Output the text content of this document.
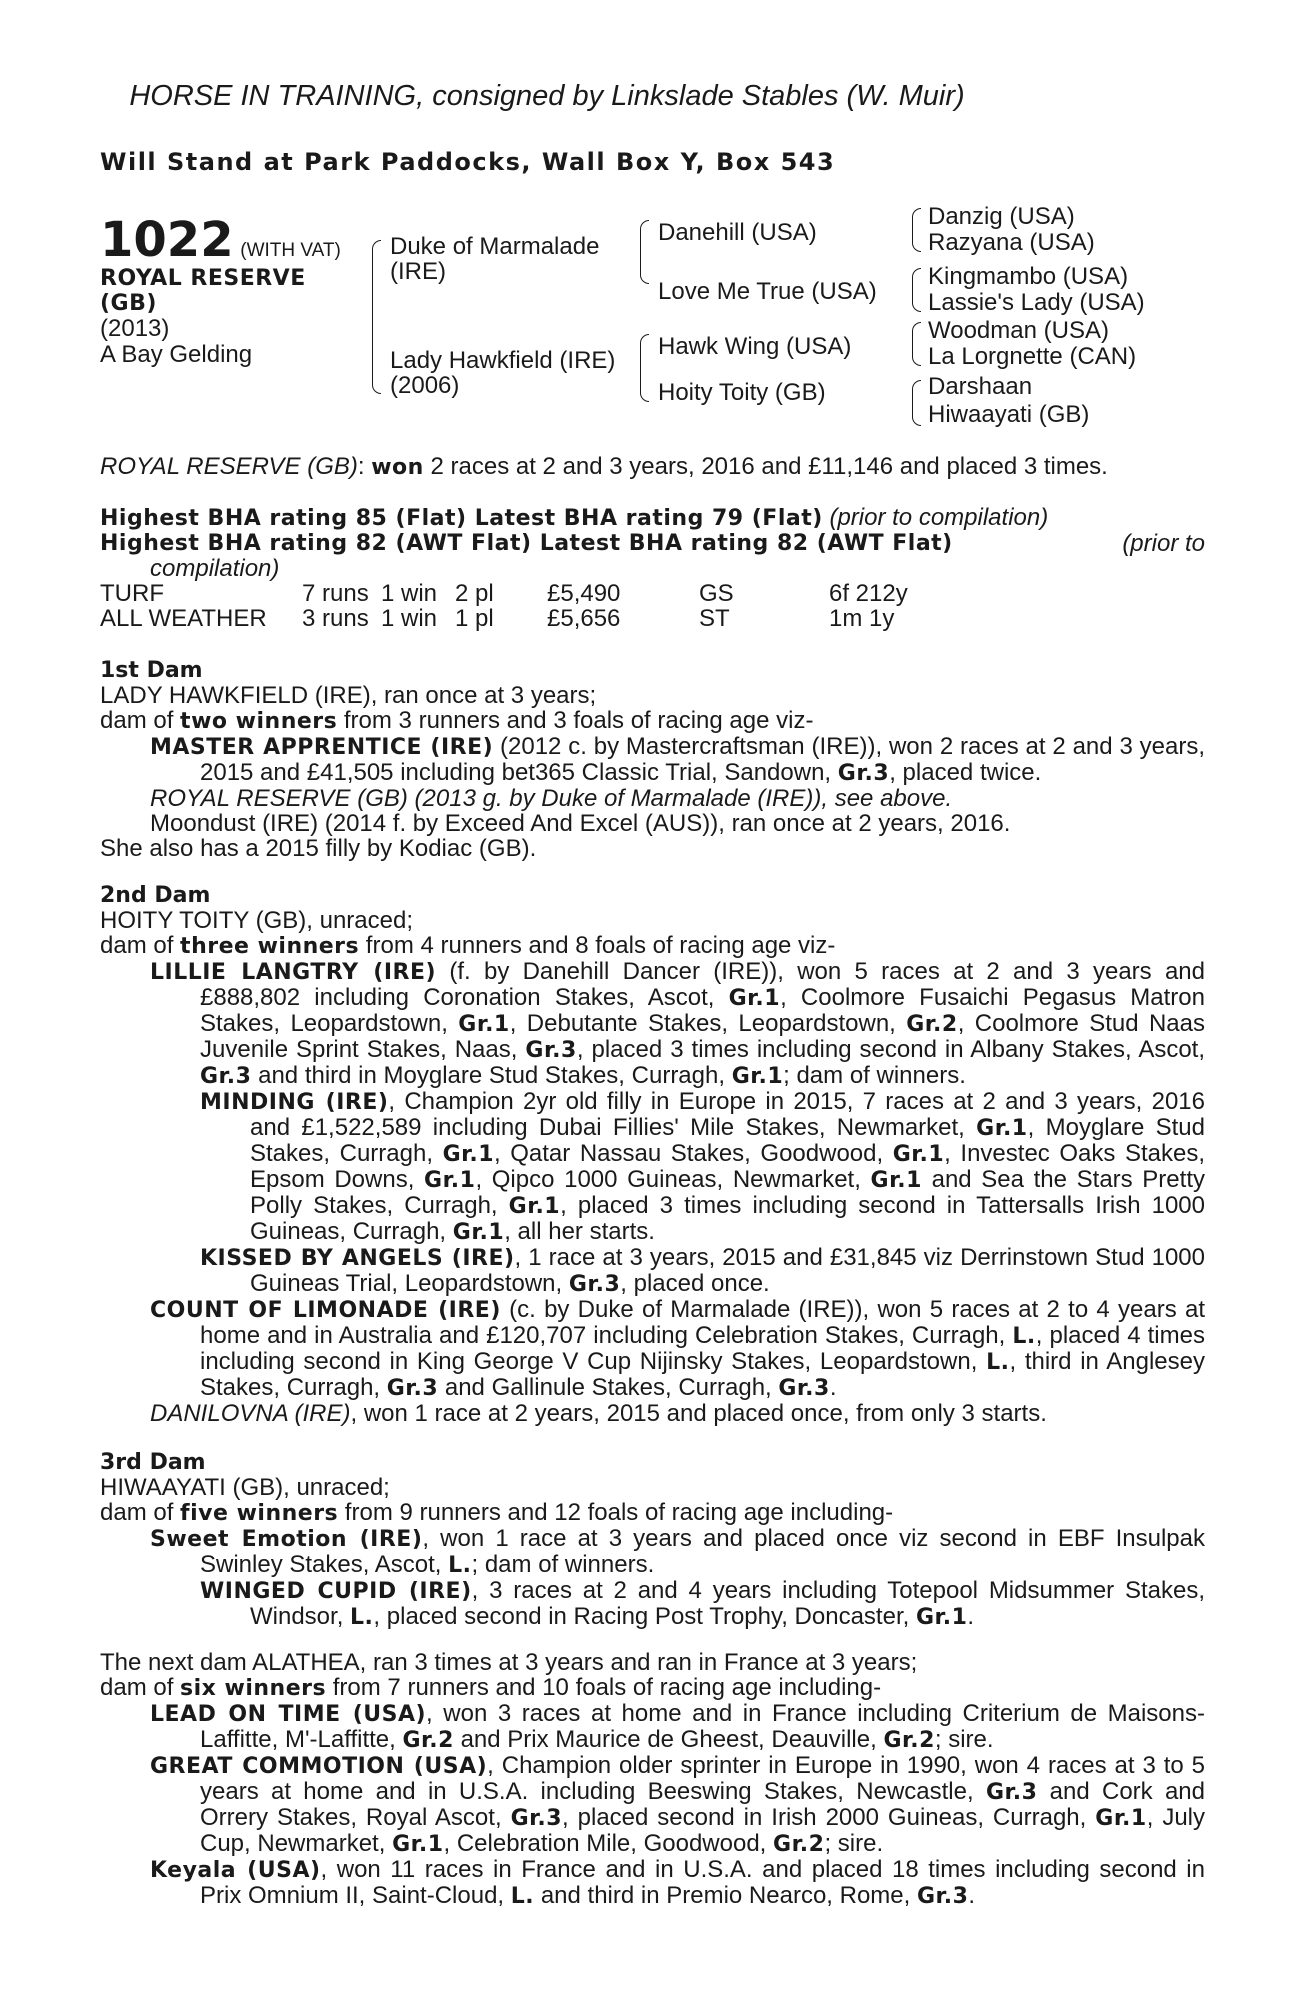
HORSE IN TRAINING, consigned by Linkslade Stables (W. Muir)
Will Stand at Park Paddocks, Wall Box Y, Box 543
1022 (WITH VAT)
ROYAL RESERVE (GB)
(2013)
A Bay Gelding
Duke of Marmalade (IRE)
Lady Hawkfield (IRE) (2006)
Danehill (USA)
Love Me True (USA)
Hawk Wing (USA)
Hoity Toity (GB)
Danzig (USA)
Razyana (USA)
Kingmambo (USA)
Lassie's Lady (USA)
Woodman (USA)
La Lorgnette (CAN)
Darshaan
Hiwaayati (GB)
ROYAL RESERVE (GB): won 2 races at 2 and 3 years, 2016 and £11,146 and placed 3 times.
Highest BHA rating 85 (Flat) Latest BHA rating 79 (Flat) (prior to compilation)
Highest BHA rating 82 (AWT Flat) Latest BHA rating 82 (AWT Flat)	(prior to
compilation)
TURF	7 runs 1 win 2 pl	£5,490	GS	6f 212y
ALL WEATHER	3 runs 1 win 1 pl	£5,656	ST	1m 1y
1st Dam
LADY HAWKFIELD (IRE), ran once at 3 years;
dam of two winners from 3 runners and 3 foals of racing age viz-
MASTER APPRENTICE (IRE) (2012 c. by Mastercraftsman (IRE)), won 2 races at 2 and 3 years, 2015 and £41,505 including bet365 Classic Trial, Sandown, Gr.3, placed twice.
ROYAL RESERVE (GB) (2013 g. by Duke of Marmalade (IRE)), see above.
Moondust (IRE) (2014 f. by Exceed And Excel (AUS)), ran once at 2 years, 2016.
She also has a 2015 filly by Kodiac (GB).
2nd Dam
HOITY TOITY (GB), unraced;
dam of three winners from 4 runners and 8 foals of racing age viz-
LILLIE LANGTRY (IRE) (f. by Danehill Dancer (IRE)), won 5 races at 2 and 3 years and £888,802 including Coronation Stakes, Ascot, Gr.1, Coolmore Fusaichi Pegasus Matron Stakes, Leopardstown, Gr.1, Debutante Stakes, Leopardstown, Gr.2, Coolmore Stud Naas Juvenile Sprint Stakes, Naas, Gr.3, placed 3 times including second in Albany Stakes, Ascot, Gr.3 and third in Moyglare Stud Stakes, Curragh, Gr.1; dam of winners.
MINDING (IRE), Champion 2yr old filly in Europe in 2015, 7 races at 2 and 3 years, 2016 and £1,522,589 including Dubai Fillies' Mile Stakes, Newmarket, Gr.1, Moyglare Stud Stakes, Curragh, Gr.1, Qatar Nassau Stakes, Goodwood, Gr.1, Investec Oaks Stakes, Epsom Downs, Gr.1, Qipco 1000 Guineas, Newmarket, Gr.1 and Sea the Stars Pretty Polly Stakes, Curragh, Gr.1, placed 3 times including second in Tattersalls Irish 1000 Guineas, Curragh, Gr.1, all her starts.
KISSED BY ANGELS (IRE), 1 race at 3 years, 2015 and £31,845 viz Derrinstown Stud 1000 Guineas Trial, Leopardstown, Gr.3, placed once.
COUNT OF LIMONADE (IRE) (c. by Duke of Marmalade (IRE)), won 5 races at 2 to 4 years at home and in Australia and £120,707 including Celebration Stakes, Curragh, L., placed 4 times including second in King George V Cup Nijinsky Stakes, Leopardstown, L., third in Anglesey Stakes, Curragh, Gr.3 and Gallinule Stakes, Curragh, Gr.3.
DANILOVNA (IRE), won 1 race at 2 years, 2015 and placed once, from only 3 starts.
3rd Dam
HIWAAYATI (GB), unraced;
dam of five winners from 9 runners and 12 foals of racing age including-
Sweet Emotion (IRE), won 1 race at 3 years and placed once viz second in EBF Insulpak Swinley Stakes, Ascot, L.; dam of winners.
WINGED CUPID (IRE), 3 races at 2 and 4 years including Totepool Midsummer Stakes, Windsor, L., placed second in Racing Post Trophy, Doncaster, Gr.1.
The next dam ALATHEA, ran 3 times at 3 years and ran in France at 3 years;
dam of six winners from 7 runners and 10 foals of racing age including-
LEAD ON TIME (USA), won 3 races at home and in France including Criterium de Maisons-Laffitte, M'-Laffitte, Gr.2 and Prix Maurice de Gheest, Deauville, Gr.2; sire.
GREAT COMMOTION (USA), Champion older sprinter in Europe in 1990, won 4 races at 3 to 5 years at home and in U.S.A. including Beeswing Stakes, Newcastle, Gr.3 and Cork and Orrery Stakes, Royal Ascot, Gr.3, placed second in Irish 2000 Guineas, Curragh, Gr.1, July Cup, Newmarket, Gr.1, Celebration Mile, Goodwood, Gr.2; sire.
Keyala (USA), won 11 races in France and in U.S.A. and placed 18 times including second in Prix Omnium II, Saint-Cloud, L. and third in Premio Nearco, Rome, Gr.3.
